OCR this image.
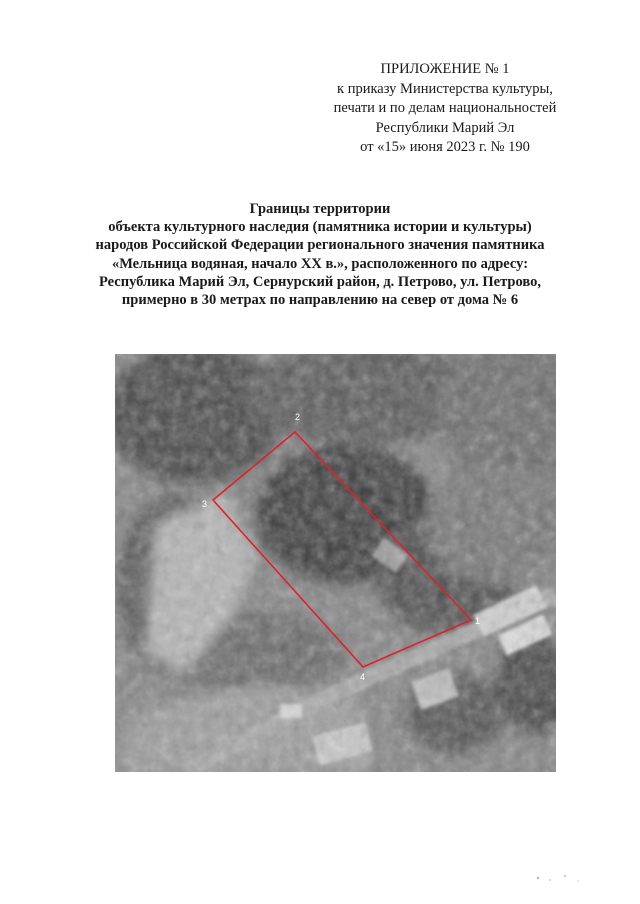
ПРИЛОЖЕНИЕ № 1
к приказу Министерства культуры,
печати и по делам национальностей
Республики Марий Эл
от «15» июня 2023 г. № 190
Границы территории
объекта культурного наследия (памятника истории и культуры)
народов Российской Федерации регионального значения памятника
«Мельница водяная, начало XX в.», расположенного по адресу:
Республика Марий Эл, Сернурский район, д. Петрово, ул. Петрово,
примерно в 30 метрах по направлению на север от дома № 6
1
2
3
4
